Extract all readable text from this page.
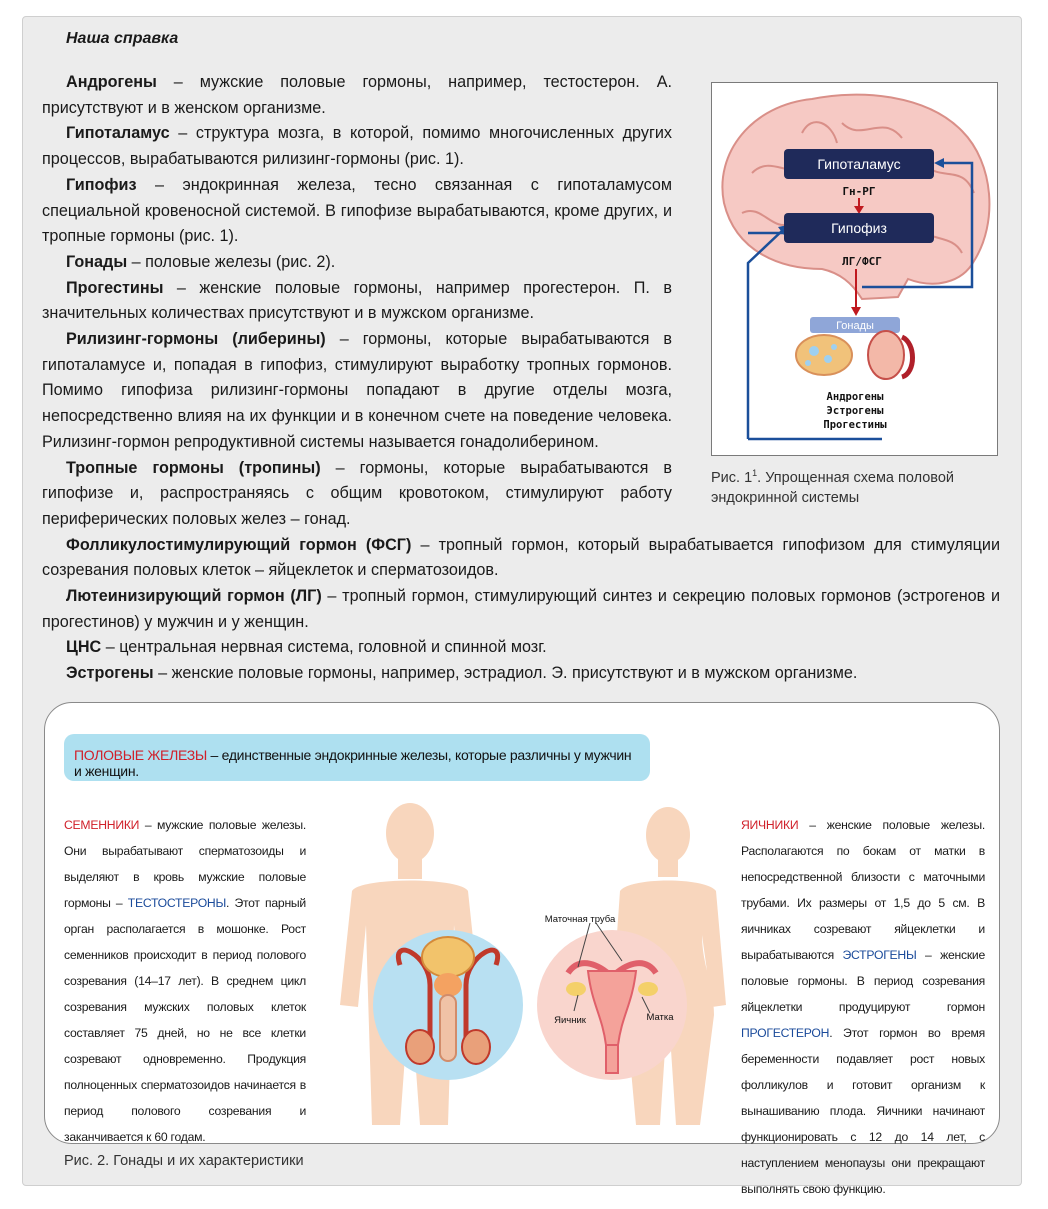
Наша справка

Андрогены – мужские половые гормоны, например, тестостерон. А. присутствуют и в женском организме.

Гипоталамус – структура мозга, в которой, помимо многочисленных других процессов, вырабатываются рилизинг-гормоны (рис. 1).

Гипофиз – эндокринная железа, тесно связанная с гипоталамусом специальной кровеносной системой. В гипофизе вырабатываются, кроме других, и тропные гормоны (рис. 1).

Гонады – половые железы (рис. 2).

Прогестины – женские половые гормоны, например прогестерон. П. в значительных количествах присутствуют и в мужском организме.

Рилизинг-гормоны (либерины) – гормоны, которые вырабатываются в гипоталамусе и, попадая в гипофиз, стимулируют выработку тропных гормонов. Помимо гипофиза рилизинг-гормоны попадают в другие отделы мозга, непосредственно влияя на их функции и в конечном счете на поведение человека. Рилизинг-гормон репродуктивной системы называется гонадолиберином.

Тропные гормоны (тропины) – гормоны, которые вырабатываются в гипофизе и, распространяясь с общим кровотоком, стимулируют работу периферических половых желез – гонад.

Фолликулостимулирующий гормон (ФСГ) – тропный гормон, который вырабатывается гипофизом для стимуляции созревания половых клеток – яйцеклеток и сперматозоидов.

Лютеинизирующий гормон (ЛГ) – тропный гормон, стимулирующий синтез и секрецию половых гормонов (эстрогенов и прогестинов) у мужчин и у женщин.

ЦНС – центральная нервная система, головной и спинной мозг.

Эстрогены – женские половые гормоны, например, эстрадиол. Э. присутствуют и в мужском организме.

Гипоталамус
Гн-РГ
Гипофиз
ЛГ/ФСГ
Гонады
Андрогены
Эстрогены
Прогестины
Рис. $1^1$. Упрощенная схема половой эндокринной системы
ПОЛОВЫЕ ЖЕЛЕЗЫ – единственные эндокринные железы, которые различны у мужчин и женщин.
СЕМЕННИКИ – мужские половые железы. Они вырабатывают сперматозоиды и выделяют в кровь мужские половые гормоны – ТЕСТОСТЕРОНЫ. Этот парный орган располагается в мошонке. Рост семенников происходит в период полового созревания (14–17 лет). В среднем цикл созревания мужских половых клеток составляет 75 дней, но не все клетки созревают одновременно. Продукция полноценных сперматозоидов начинается в период полового созревания и заканчивается к 60 годам.
ЯИЧНИКИ – женские половые железы. Располагаются по бокам от матки в непосредственной близости с маточными трубами. Их размеры от 1,5 до 5 см. В яичниках созревают яйцеклетки и вырабатываются ЭСТРОГЕНЫ – женские половые гормоны. В период созревания яйцеклетки продуцируют гормон ПРОГЕСТЕРОН. Этот гормон во время беременности подавляет рост новых фолликулов и готовит организм к вынашиванию плода. Яичники начинают функционировать с 12 до 14 лет, с наступлением менопаузы они прекращают выполнять свою функцию.
Маточная труба
Яичник	Матка
Рис. 2. Гонады и их характеристики
